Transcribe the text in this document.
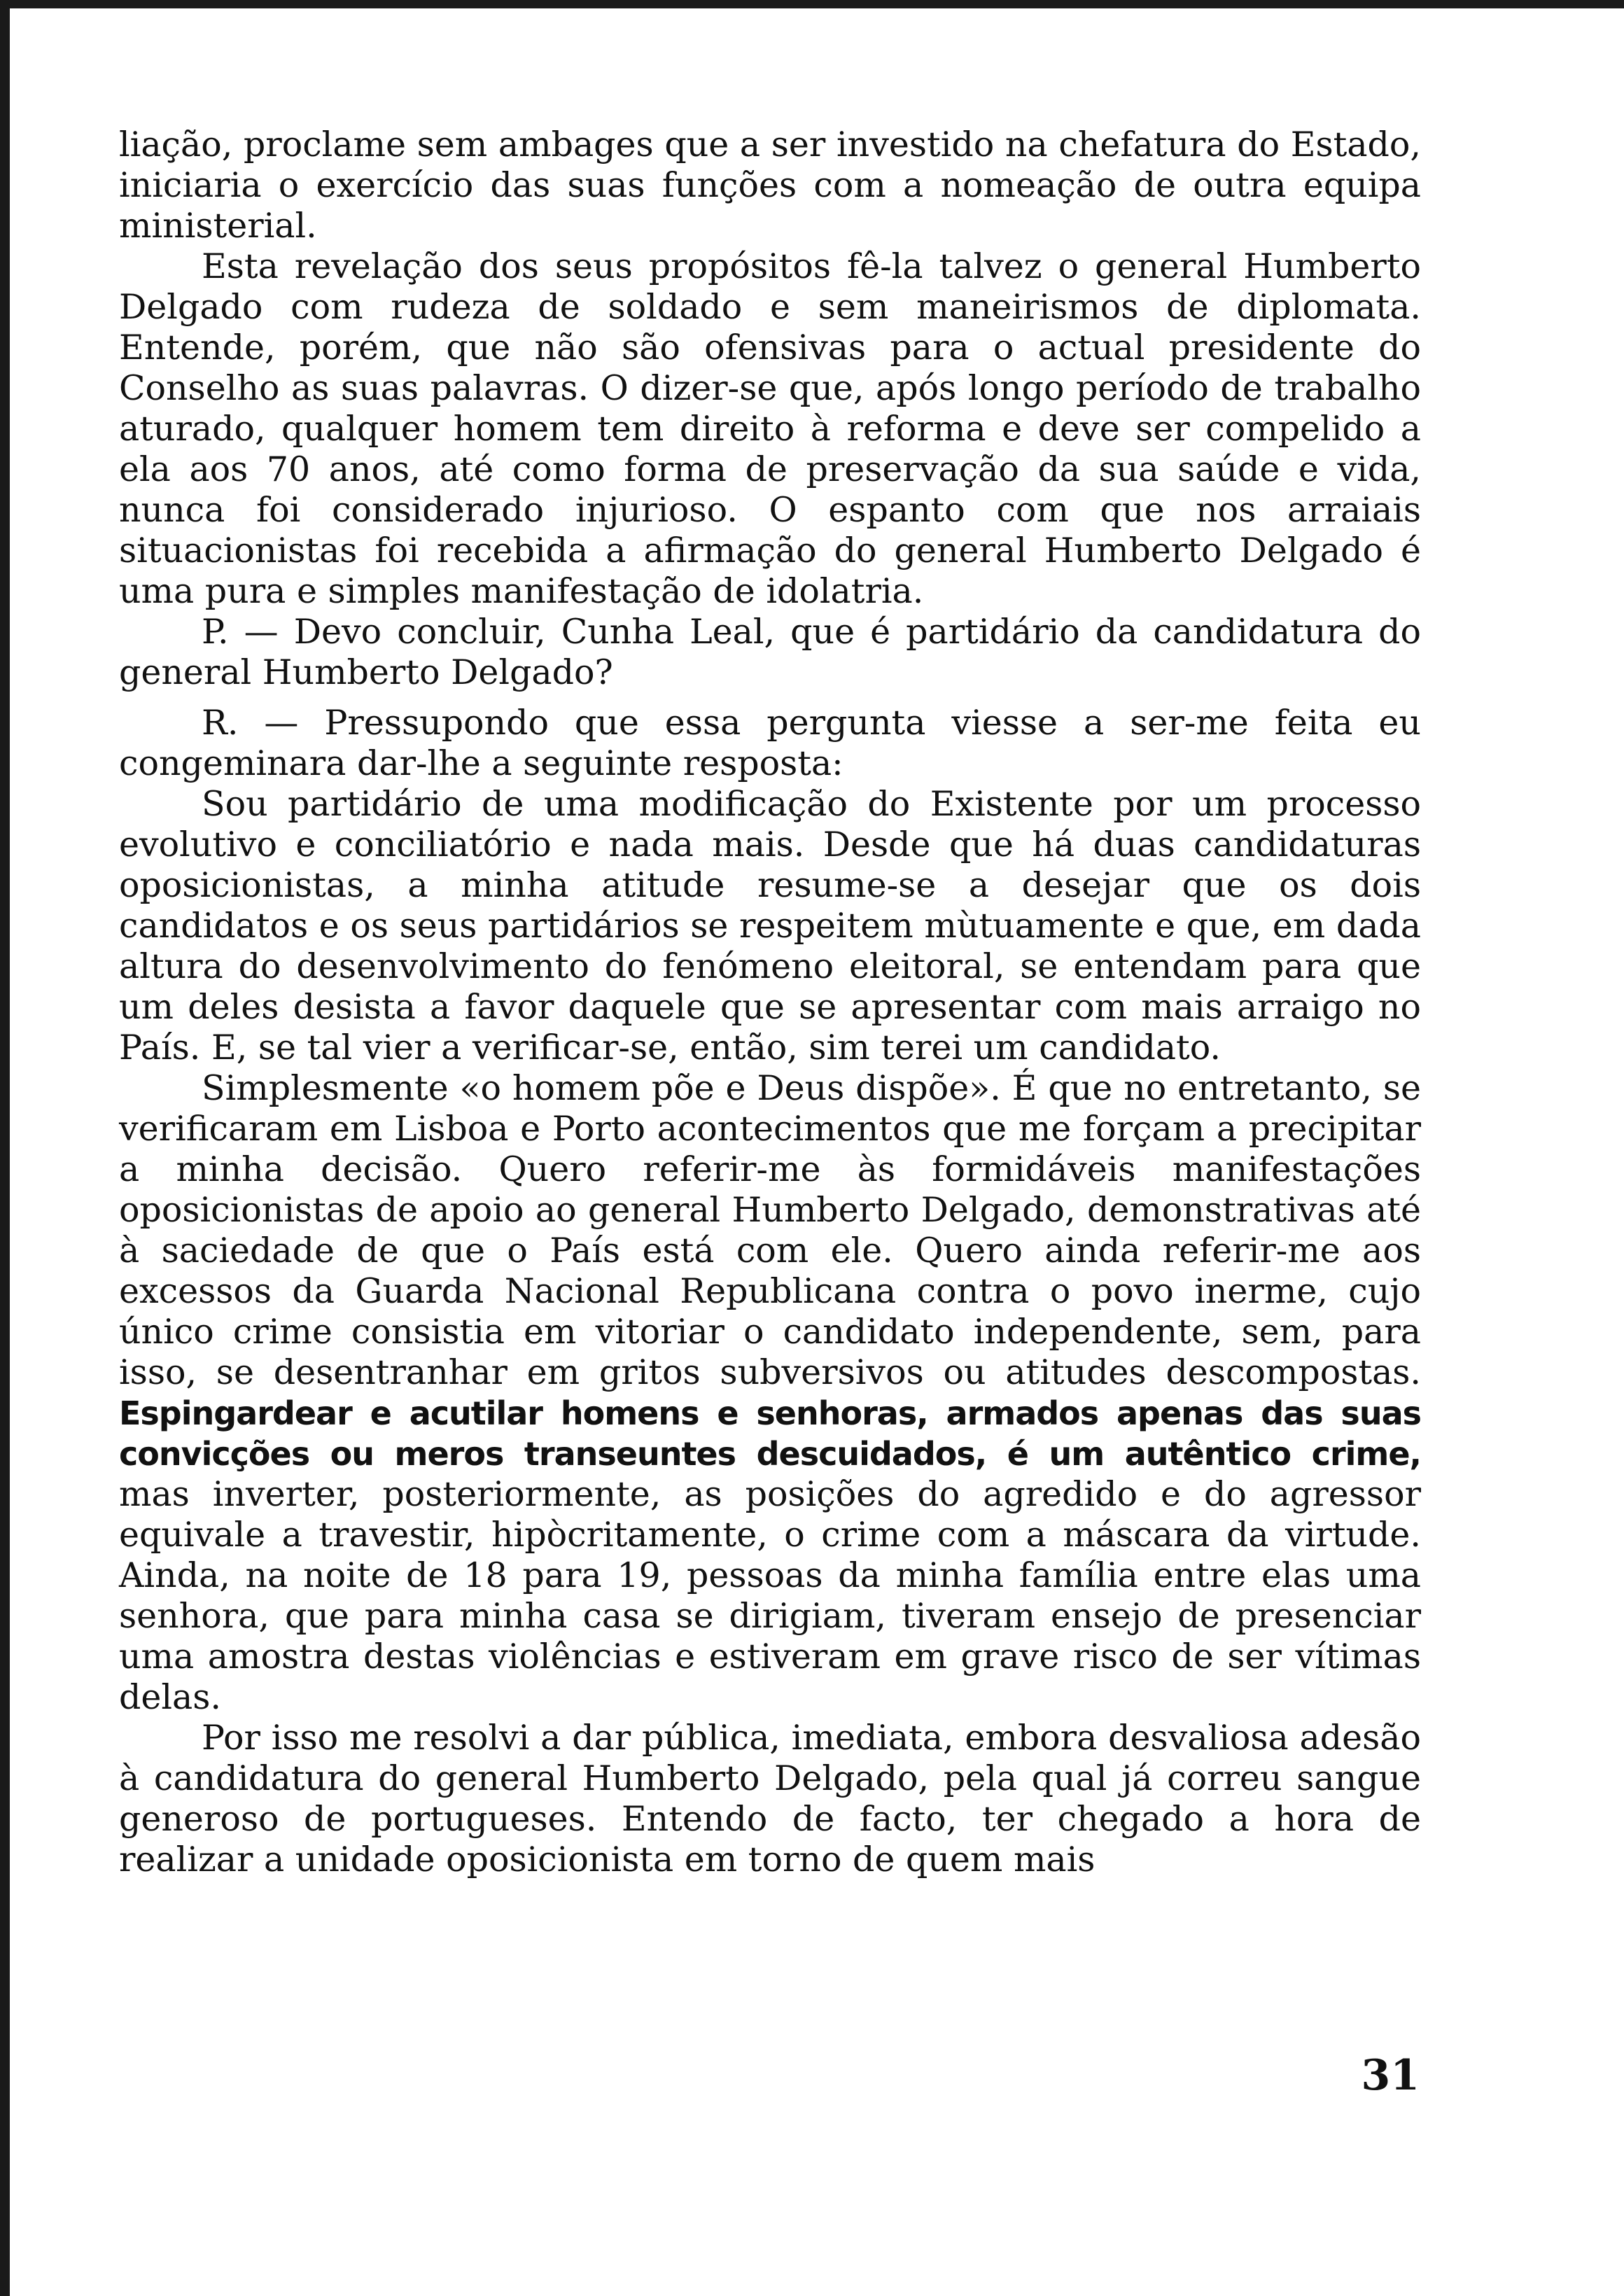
liação, proclame sem ambages que a ser investido na chefatura do Estado, iniciaria o exercício das suas funções com a nomeação de outra equipa ministerial.

Esta revelação dos seus propósitos fê-la talvez o general Humberto Delgado com rudeza de soldado e sem maneirismos de diplomata. Entende, porém, que não são ofensivas para o actual presidente do Conselho as suas palavras. O dizer-se que, após longo período de trabalho aturado, qualquer homem tem direito à reforma e deve ser compelido a ela aos 70 anos, até como forma de preservação da sua saúde e vida, nunca foi considerado injurioso. O espanto com que nos arraiais situacionistas foi recebida a afirmação do general Humberto Delgado é uma pura e simples manifestação de idolatria.

P. — Devo concluir, Cunha Leal, que é partidário da candidatura do general Humberto Delgado?

R. — Pressupondo que essa pergunta viesse a ser-me feita eu congeminara dar-lhe a seguinte resposta:

Sou partidário de uma modificação do Existente por um processo evolutivo e conciliatório e nada mais. Desde que há duas candidaturas oposicionistas, a minha atitude resume-se a desejar que os dois candidatos e os seus partidários se respeitem mùtuamente e que, em dada altura do desenvolvimento do fenómeno eleitoral, se entendam para que um deles desista a favor daquele que se apresentar com mais arraigo no País. E, se tal vier a verificar-se, então, sim terei um candidato.

Simplesmente «o homem põe e Deus dispõe». É que no entretanto, se verificaram em Lisboa e Porto acontecimentos que me forçam a precipitar a minha decisão. Quero referir-me às formidáveis manifestações oposicionistas de apoio ao general Humberto Delgado, demonstrativas até à saciedade de que o País está com ele. Quero ainda referir-me aos excessos da Guarda Nacional Republicana contra o povo inerme, cujo único crime consistia em vitoriar o candidato independente, sem, para isso, se desentranhar em gritos subversivos ou atitudes descompostas. Espingardear e acutilar homens e senhoras, armados apenas das suas convicções ou meros transeuntes descuidados, é um autêntico crime, mas inverter, posteriormente, as posições do agredido e do agressor equivale a travestir, hipòcritamente, o crime com a máscara da virtude. Ainda, na noite de 18 para 19, pessoas da minha família entre elas uma senhora, que para minha casa se dirigiam, tiveram ensejo de presenciar uma amostra destas violências e estiveram em grave risco de ser vítimas delas.

Por isso me resolvi a dar pública, imediata, embora desvaliosa adesão à candidatura do general Humberto Delgado, pela qual já correu sangue generoso de portugueses. Entendo de facto, ter chegado a hora de realizar a unidade oposicionista em torno de quem mais

31
